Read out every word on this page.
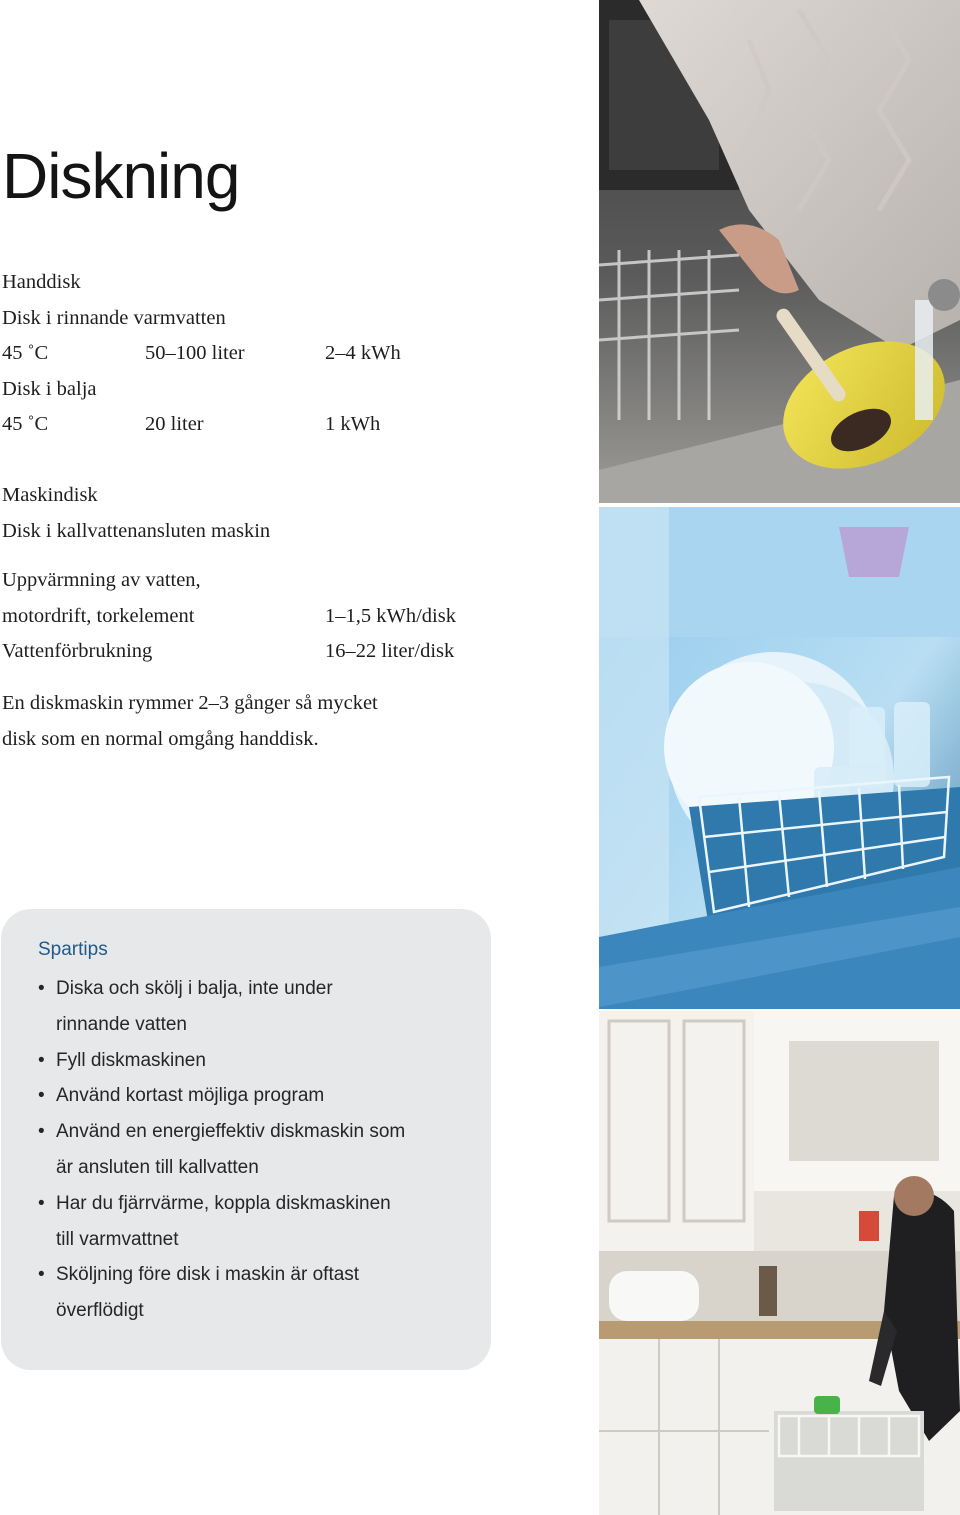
Diskning
Handdisk
Disk i rinnande varmvatten
45 ˚C	50–100 liter	2–4 kWh
Disk i balja
45 ˚C	20 liter	1 kWh
Maskindisk
Disk i kallvattenansluten maskin
Uppvärmning av vatten,
motordrift, torkelement	1–1,5 kWh/disk
Vattenförbrukning	16–22 liter/disk
En diskmaskin rymmer 2–3 gånger så mycket
disk som en normal omgång handdisk.
Spartips
• Diska och skölj i balja, inte under
rinnande vatten
• Fyll diskmaskinen
• Använd kortast möjliga program
• Använd en energieffektiv diskmaskin som
är ansluten till kallvatten
• Har du fjärrvärme, koppla diskmaskinen
till varmvattnet
• Sköljning före disk i maskin är oftast
överflödigt
